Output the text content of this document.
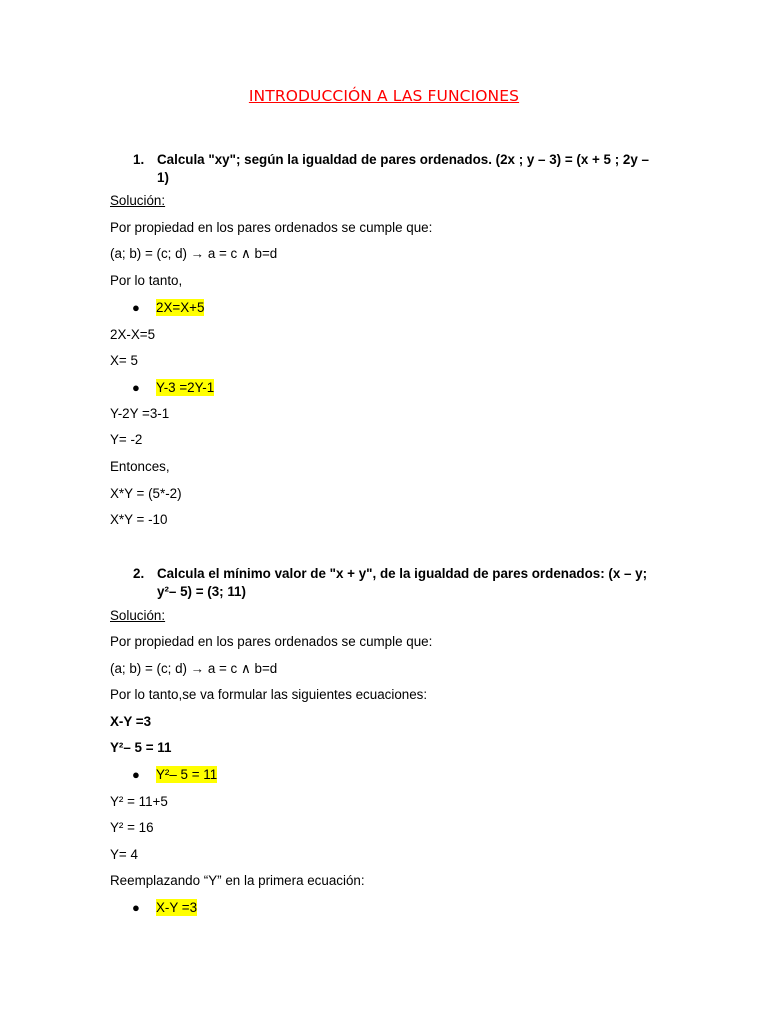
INTRODUCCIÓN A LAS FUNCIONES
1. Calcula "xy"; según la igualdad de pares ordenados. (2x ; y – 3) = (x + 5 ; 2y – 1)
Solución:
Por propiedad en los pares ordenados se cumple que:
(a; b) = (c; d) → a = c ∧ b=d
Por lo tanto,
● 2X=X+5
2X-X=5
X= 5
● Y-3 =2Y-1
Y-2Y =3-1
Y= -2
Entonces,
X*Y = (5*-2)
X*Y = -10
2. Calcula el mínimo valor de "x + y", de la igualdad de pares ordenados: (x – y; y²– 5) = (3; 11)
Solución:
Por propiedad en los pares ordenados se cumple que:
(a; b) = (c; d) → a = c ∧ b=d
Por lo tanto,se va formular las siguientes ecuaciones:
X-Y =3
Y²– 5 = 11
● Y²– 5 = 11
Y² = 11+5
Y² = 16
Y= 4
Reemplazando “Y” en la primera ecuación:
● X-Y =3
